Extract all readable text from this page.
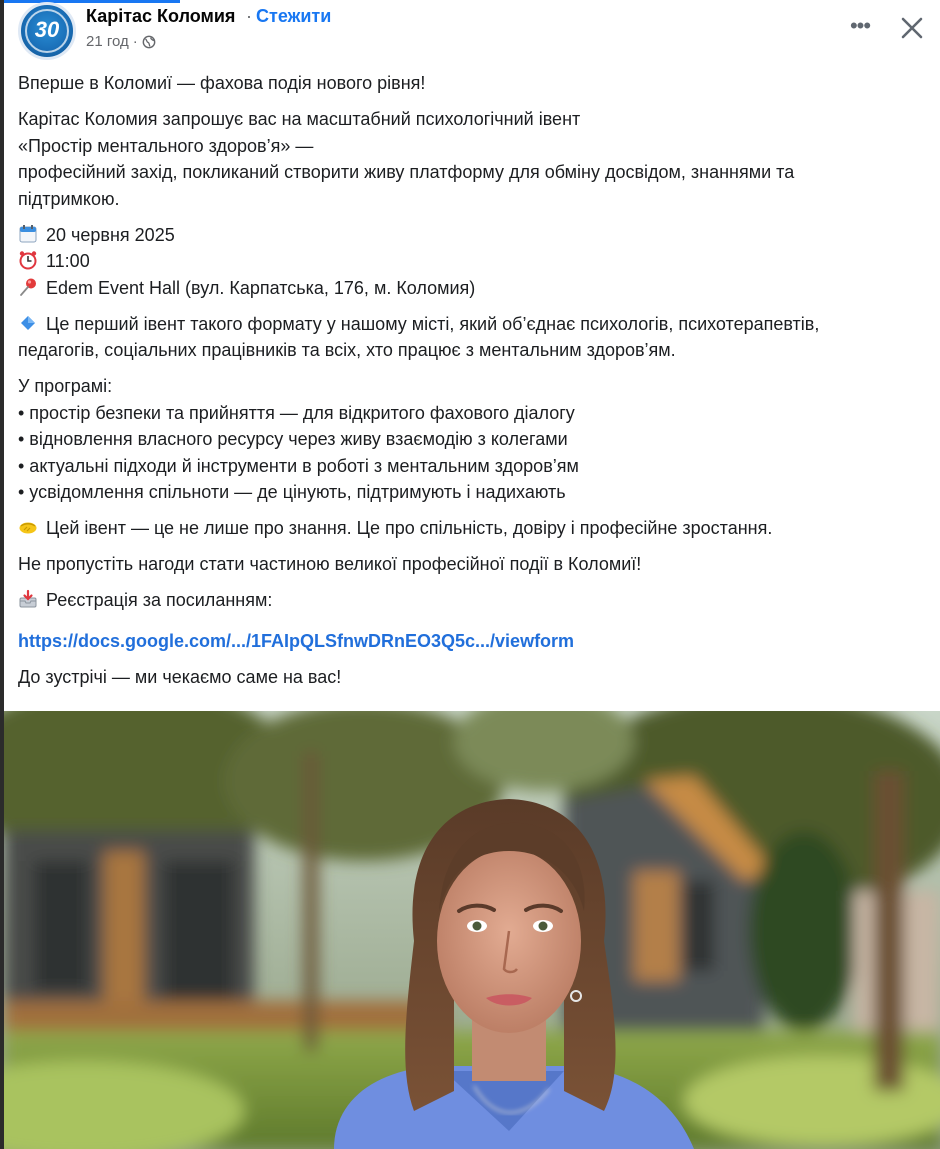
30
Карітас Коломия · Стежити
21 год ·
•••

Вперше в Коломиї — фахова подія нового рівня!

Карітас Коломия запрошує вас на масштабний психологічний івент
«Простір ментального здоров’я» —
професійний захід, покликаний створити живу платформу для обміну досвідом, знаннями та
підтримкою.

20 червня 2025
11:00
Edem Event Hall (вул. Карпатська, 176, м. Коломия)

Це перший івент такого формату у нашому місті, який об’єднає психологів, психотерапевтів,
педагогів, соціальних працівників та всіх, хто працює з ментальним здоров’ям.

У програмі:
• простір безпеки та прийняття — для відкритого фахового діалогу
• відновлення власного ресурсу через живу взаємодію з колегами
• актуальні підходи й інструменти в роботі з ментальним здоров’ям
• усвідомлення спільноти — де цінують, підтримують і надихають

Цей івент — це не лише про знання. Це про спільність, довіру і професійне зростання.

Не пропустіть нагоди стати частиною великої професійної події в Коломиї!

Реєстрація за посиланням:

https://docs.google.com/.../1FAIpQLSfnwDRnEO3Q5c.../viewform

До зустрічі — ми чекаємо саме на вас!
